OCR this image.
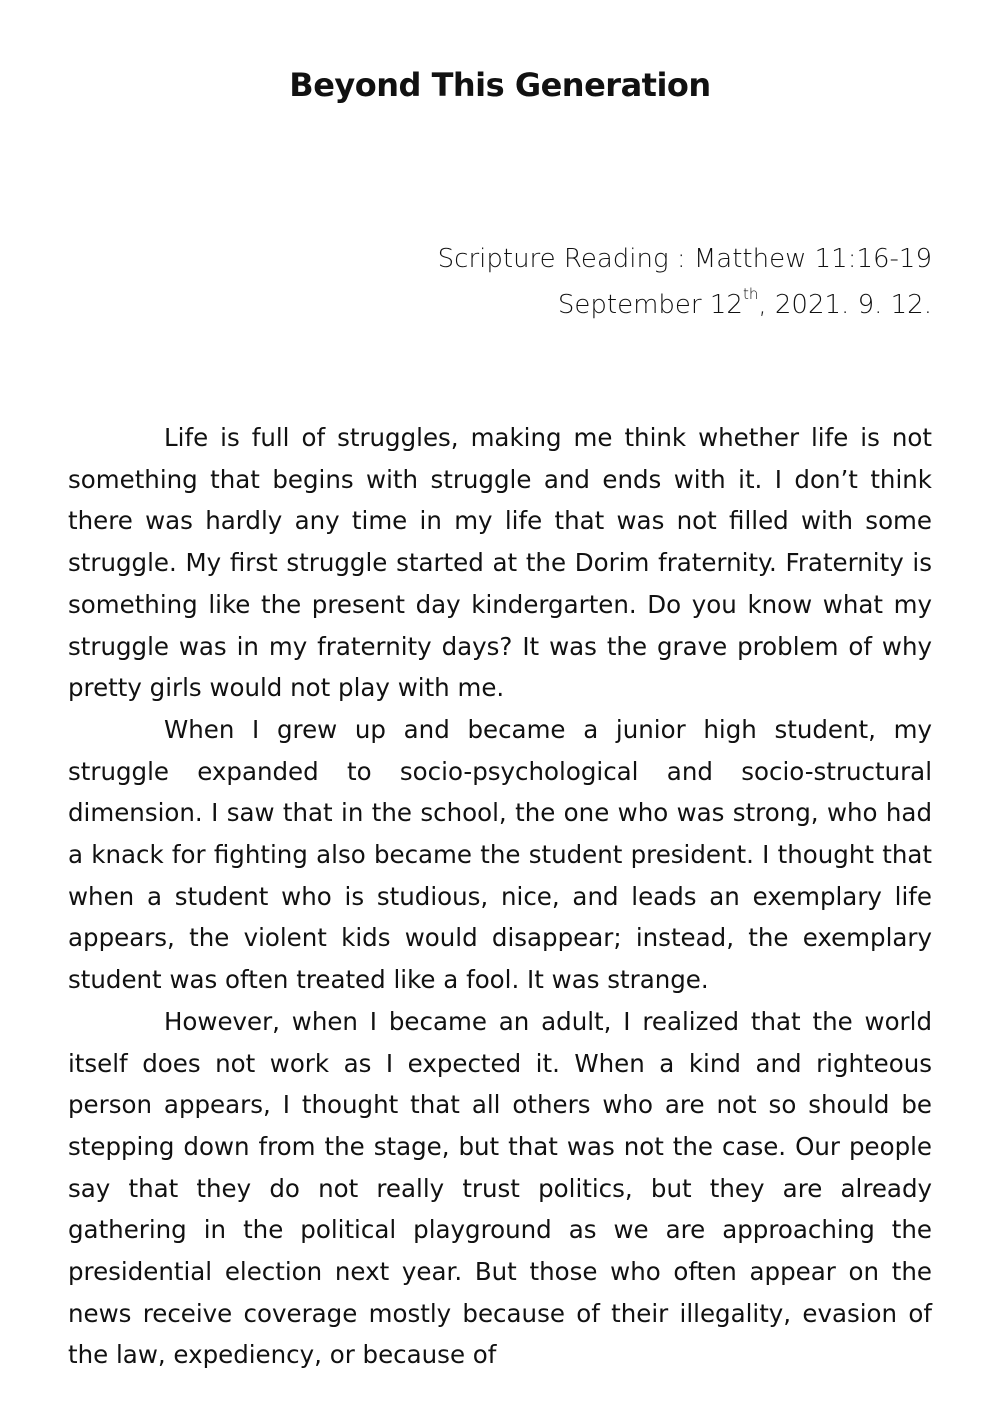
Beyond This Generation
Scripture Reading : Matthew 11:16-19
September 12th, 2021. 9. 12.

Life is full of struggles, making me think whether life is not something that begins with struggle and ends with it. I don’t think there was hardly any time in my life that was not filled with some struggle. My first struggle started at the Dorim fraternity. Fraternity is something like the present day kindergarten. Do you know what my struggle was in my fraternity days? It was the grave problem of why pretty girls would not play with me.

When I grew up and became a junior high student, my struggle expanded to socio-psychological and socio-structural dimension. I saw that in the school, the one who was strong, who had a knack for fighting also became the student president. I thought that when a student who is studious, nice, and leads an exemplary life appears, the violent kids would disappear; instead, the exemplary student was often treated like a fool. It was strange.

However, when I became an adult, I realized that the world itself does not work as I expected it. When a kind and righteous person appears, I thought that all others who are not so should be stepping down from the stage, but that was not the case. Our people say that they do not really trust politics, but they are already gathering in the political playground as we are approaching the presidential election next year. But those who often appear on the news receive coverage mostly because of their illegality, evasion of the law, expediency, or because of
